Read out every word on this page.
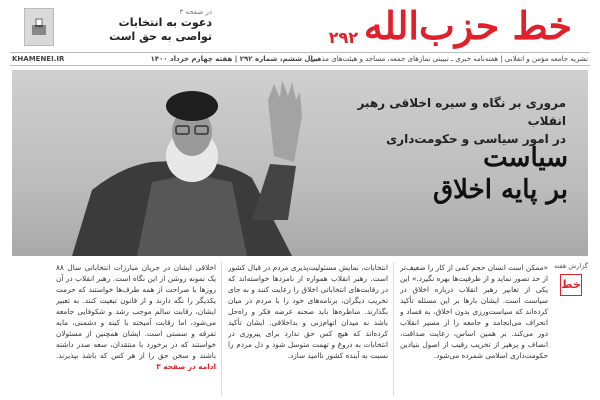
خط حزب‌الله
۲۹۲
در صفحه ۳
دعوت به انتخابات
تواصی به حق است
نشریه جامعه مؤمن و انقلابی | هفته‌نامه خبری ـ تبیینی نمازهای جمعه، مساجد و هیئت‌های مذهبی
سال ششم، شماره ۲۹۲ | هفته چهارم خرداد ۱۴۰۰
KHAMENEI.IR
مروری بر نگاه و سیره اخلاقی رهبر انقلاب
در امور سیاسی و حکومت‌داری
سیاست
بر پایه اخلاق
گزارش هفته
خط
«ممکن است انسان حجم کمی از کار را ضعیف‌تر از حد تصور نماید و از ظرفیت‌ها بهره نگیرد.» این یکی از تعابیر رهبر انقلاب درباره اخلاق در سیاست است. ایشان بارها بر این مسئله تأکید کرده‌اند که سیاست‌ورزی بدون اخلاق، به فساد و انحراف می‌انجامد و جامعه را از مسیر انقلاب دور می‌کند. بر همین اساس، رعایت صداقت، انصاف و پرهیز از تخریب رقیب از اصول بنیادین حکومت‌داری اسلامی شمرده می‌شود.
انتخابات، نمایش مسئولیت‌پذیری مردم در قبال کشور است. رهبر انقلاب همواره از نامزدها خواسته‌اند که در رقابت‌های انتخاباتی اخلاق را رعایت کنند و به جای تخریب دیگران، برنامه‌های خود را با مردم در میان بگذارند. مناظره‌ها باید صحنه عرضه فکر و راه‌حل باشد نه میدان اتهام‌زنی و بداخلاقی. ایشان تأکید کرده‌اند که هیچ کس حق ندارد برای پیروزی در انتخابات به دروغ و تهمت متوسل شود و دل مردم را نسبت به آینده کشور ناامید سازد.
اخلاقی ایشان در جریان مبارزات انتخاباتی سال ۸۸ یک نمونه روشن از این نگاه است. رهبر انقلاب در آن روزها با صراحت از همه طرف‌ها خواستند که حرمت یکدیگر را نگه دارند و از قانون تبعیت کنند. به تعبیر ایشان، رقابت سالم موجب رشد و شکوفایی جامعه می‌شود، اما رقابت آمیخته با کینه و دشمنی، مایه تفرقه و سستی است. ایشان همچنین از مسئولان خواستند که در برخورد با منتقدان، سعه صدر داشته باشند و سخن حق را از هر کس که باشد بپذیرند. ادامه در صفحه ۳
